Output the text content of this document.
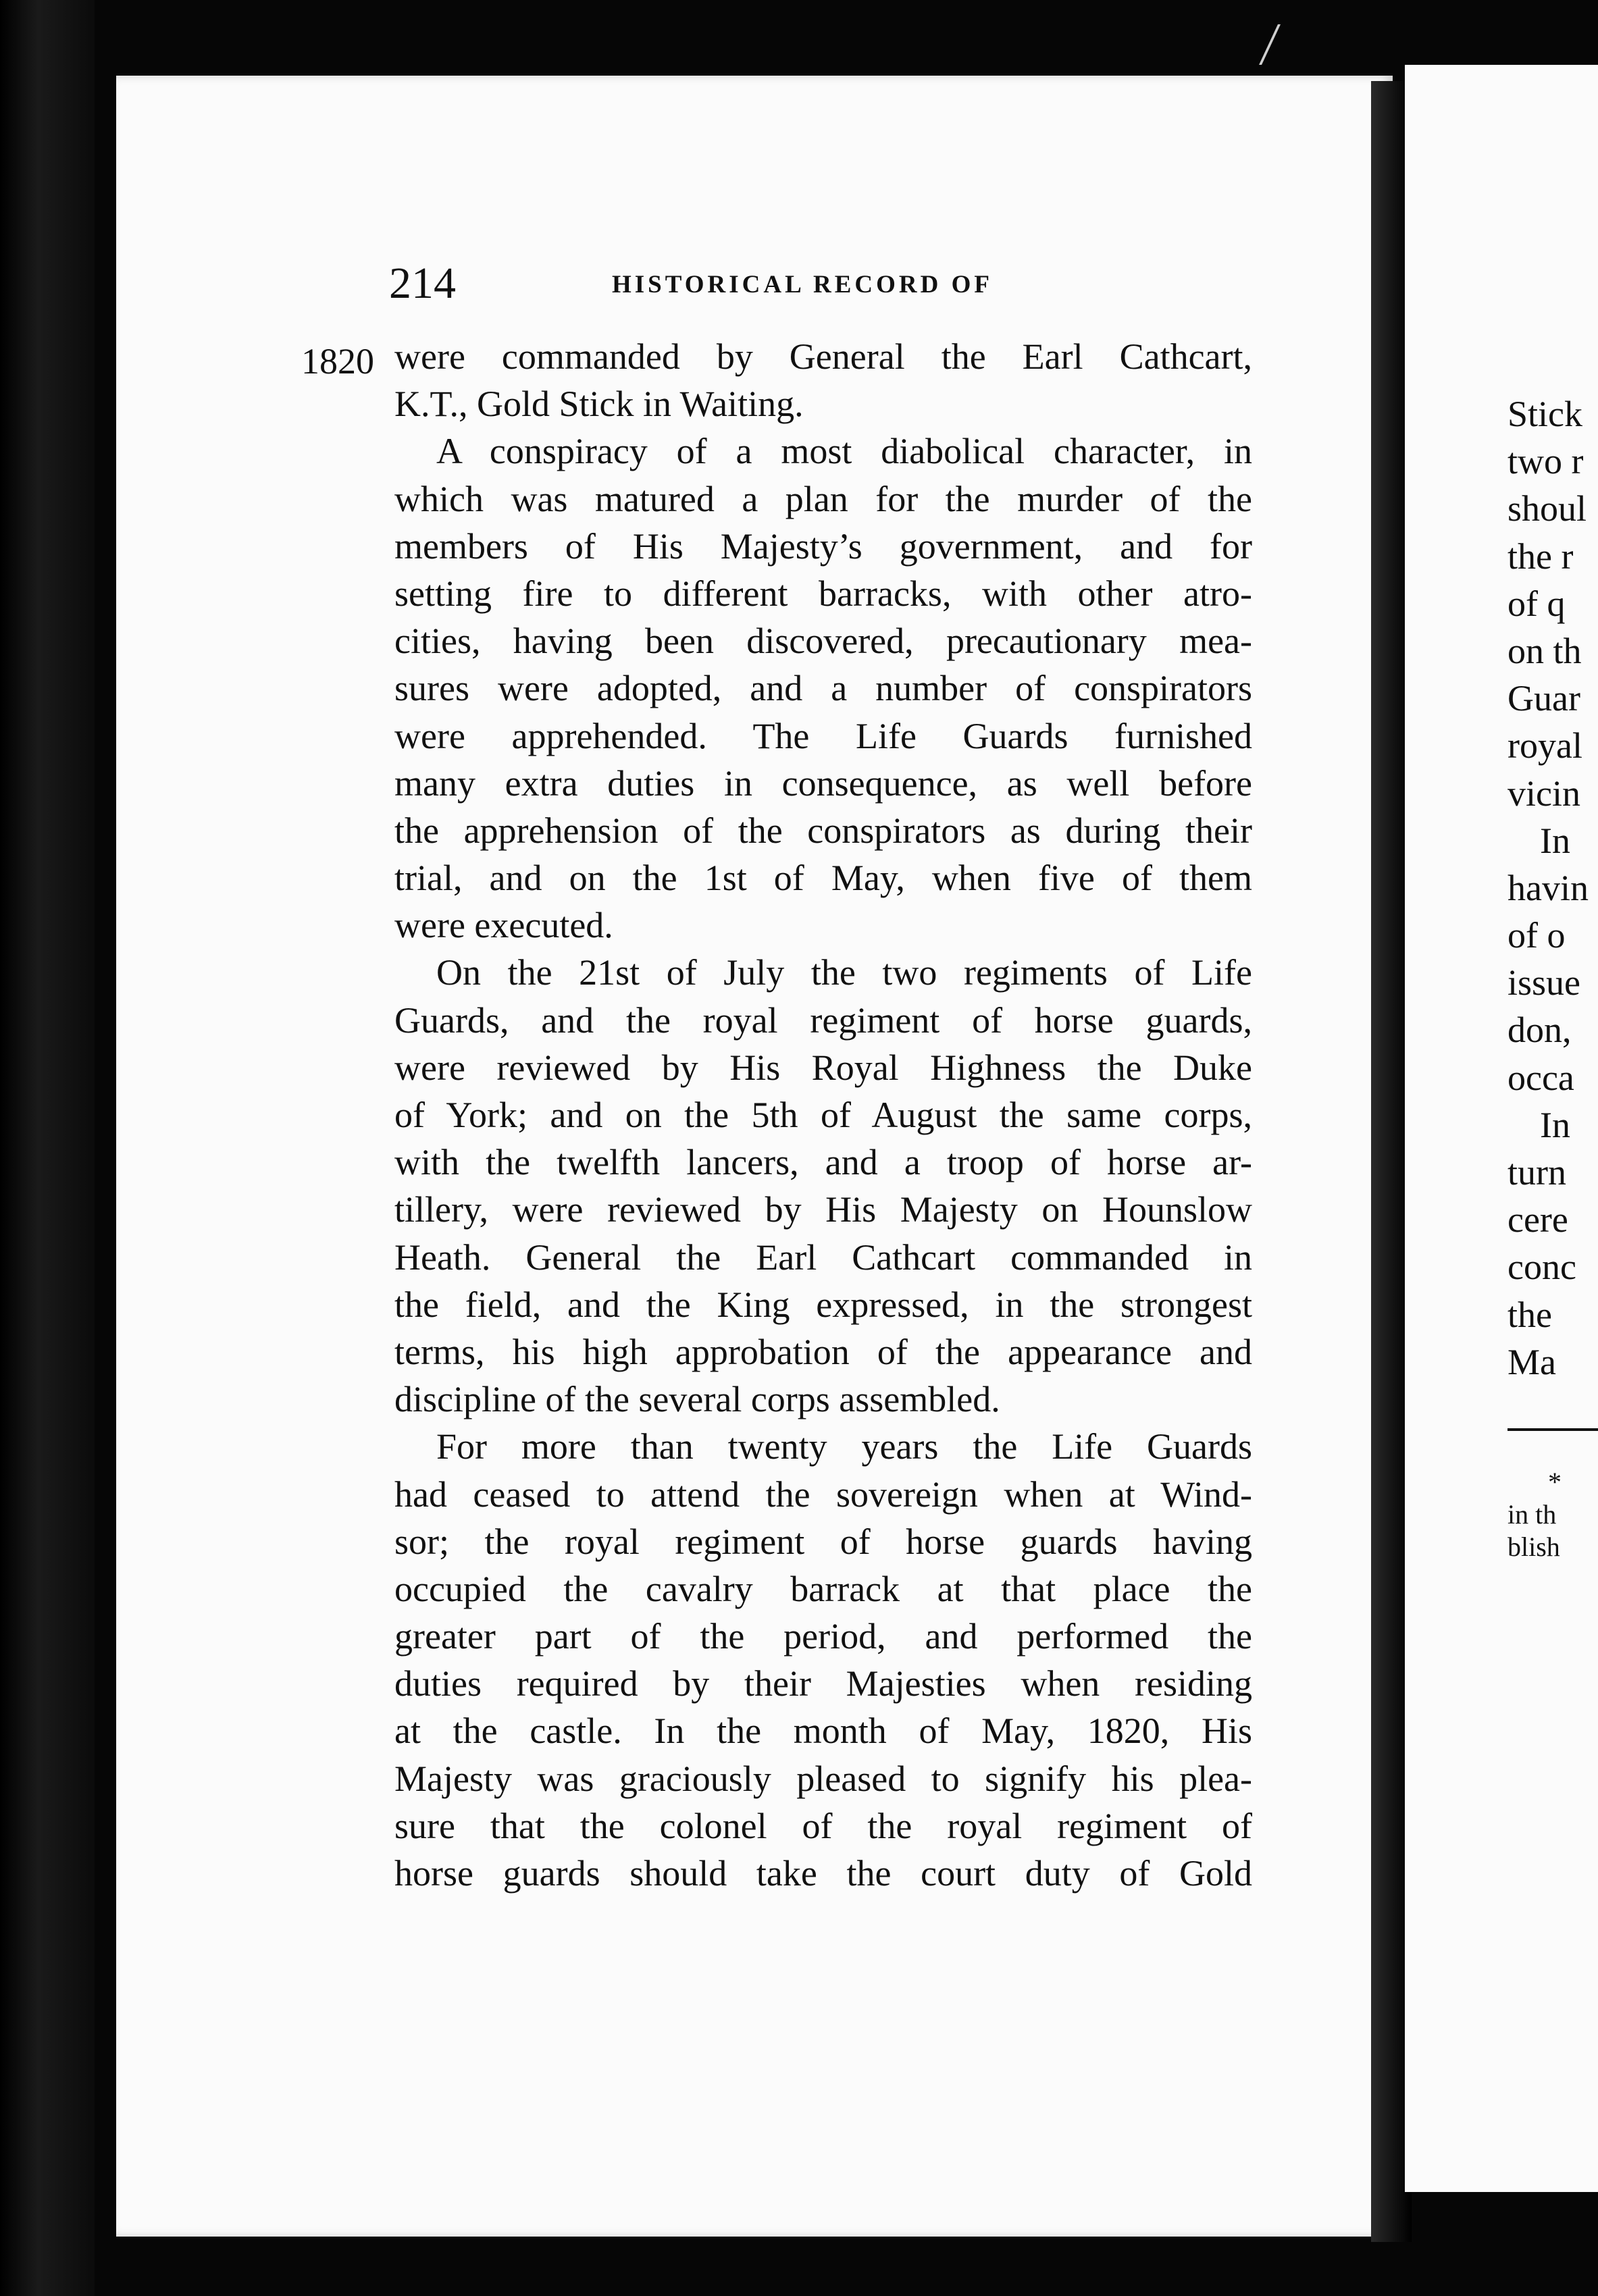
Stick
two r
shoul
the r
of q
on th
Guar
royal
vicin
In
havin
of o
issue
don,
occa
In
turn
cere
conc
the
Ma
*
in th
blish
214	HISTORICAL RECORD OF
1820 were commanded by General the Earl Cathcart,
K.T., Gold Stick in Waiting.
A conspiracy of a most diabolical character, in
which was matured a plan for the murder of the
members of His Majesty’s government, and for
setting fire to different barracks, with other atro-
cities, having been discovered, precautionary mea-
sures were adopted, and a number of conspirators
were apprehended. The Life Guards furnished
many extra duties in consequence, as well before
the apprehension of the conspirators as during their
trial, and on the 1st of May, when five of them
were executed.
On the 21st of July the two regiments of Life
Guards, and the royal regiment of horse guards,
were reviewed by His Royal Highness the Duke
of York; and on the 5th of August the same corps,
with the twelfth lancers, and a troop of horse ar-
tillery, were reviewed by His Majesty on Hounslow
Heath. General the Earl Cathcart commanded in
the field, and the King expressed, in the strongest
terms, his high approbation of the appearance and
discipline of the several corps assembled.
For more than twenty years the Life Guards
had ceased to attend the sovereign when at Wind-
sor; the royal regiment of horse guards having
occupied the cavalry barrack at that place the
greater part of the period, and performed the
duties required by their Majesties when residing
at the castle. In the month of May, 1820, His
Majesty was graciously pleased to signify his plea-
sure that the colonel of the royal regiment of
horse guards should take the court duty of Gold
